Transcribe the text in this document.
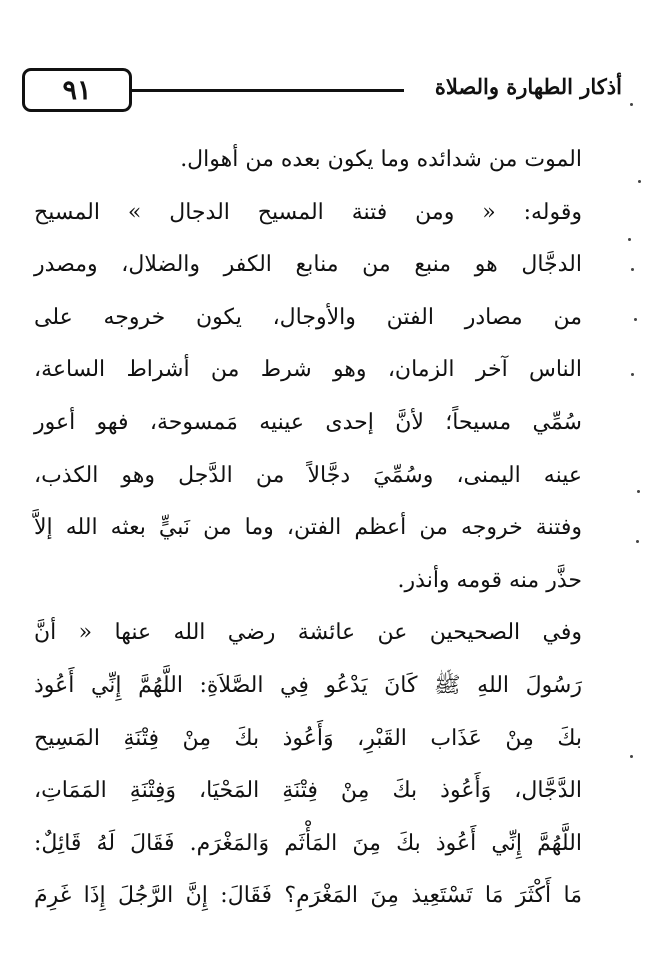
٩١	أذكار الطهارة والصلاة
الموت من شدائده وما يكون بعده من أهوال.
وقوله: « ومن فتنة المسيح الدجال » المسيح
الدجَّال هو منبع من منابع الكفر والضلال، ومصدر
من مصادر الفتن والأوجال، يكون خروجه على
الناس آخر الزمان، وهو شرط من أشراط الساعة،
سُمِّي مسيحاً؛ لأنَّ إحدى عينيه مَمسوحة، فهو أعور
عينه اليمنى، وسُمِّيَ دجَّالاً من الدَّجل وهو الكذب،
وفتنة خروجه من أعظم الفتن، وما من نَبيٍّ بعثه الله إلاَّ
حذَّر منه قومه وأنذر.
وفي الصحيحين عن عائشة رضي الله عنها « أنَّ
رَسُولَ اللهِ ﷺ كَانَ يَدْعُو فِي الصَّلاَةِ: اللَّهُمَّ إِنِّي أَعُوذ
بكَ مِنْ عَذَاب القَبْرِ، وَأَعُوذ بكَ مِنْ فِتْنَةِ المَسِيح
الدَّجَّال، وَأَعُوذ بكَ مِنْ فِتْنَةِ المَحْيَا، وَفِتْنَةِ المَمَاتِ،
اللَّهُمَّ إِنِّي أَعُوذ بكَ مِنَ المَأْثَم وَالمَغْرَم. فَقَالَ لَهُ قَائِلٌ:
مَا أَكْثَرَ مَا تَسْتَعِيذ مِنَ المَغْرَمِ؟ فَقَالَ: إِنَّ الرَّجُلَ إِذَا غَرِمَ
